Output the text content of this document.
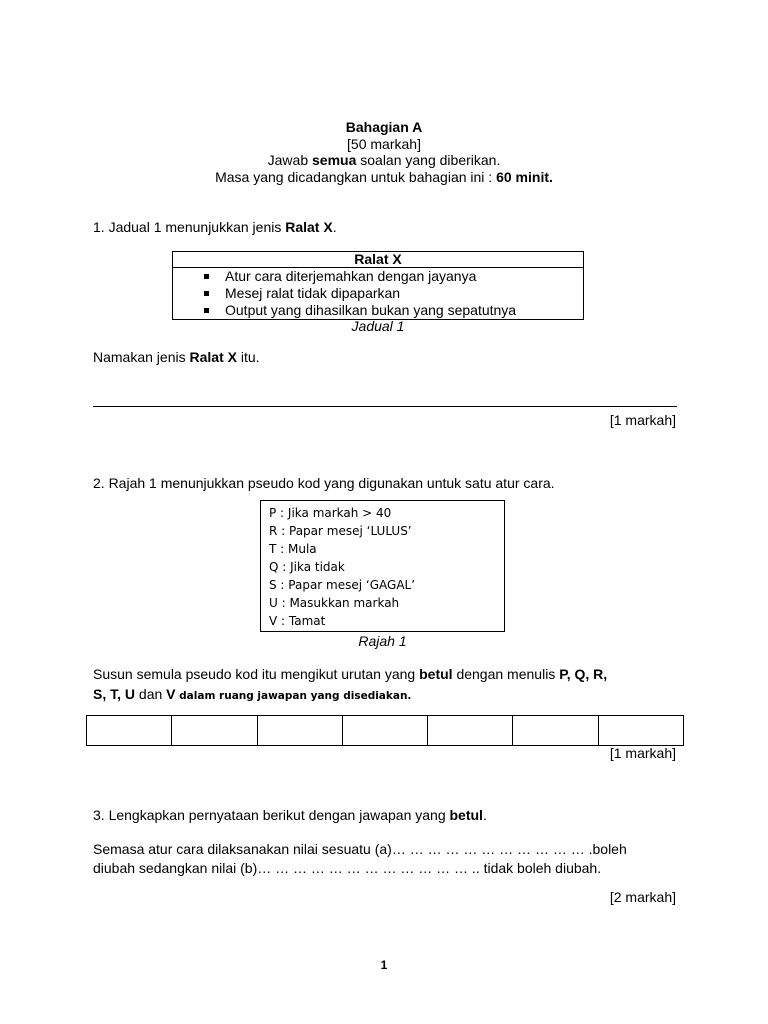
Bahagian A
[50 markah]
Jawab semua soalan yang diberikan.
Masa yang dicadangkan untuk bahagian ini : 60 minit.
1. Jadual 1 menunjukkan jenis Ralat X.
Ralat X
Atur cara diterjemahkan dengan jayanya
Mesej ralat tidak dipaparkan
Output yang dihasilkan bukan yang sepatutnya
Jadual 1
Namakan jenis Ralat X itu.
[1 markah]
2. Rajah 1 menunjukkan pseudo kod yang digunakan untuk satu atur cara.
P : Jika markah > 40
R : Papar mesej ‘LULUS’
T : Mula
Q : Jika tidak
S : Papar mesej ‘GAGAL’
U : Masukkan markah
V : Tamat
Rajah 1
Susun semula pseudo kod itu mengikut urutan yang betul dengan menulis P, Q, R,
S, T, U dan V dalam ruang jawapan yang disediakan.
[1 markah]
3. Lengkapkan pernyataan berikut dengan jawapan yang betul.
Semasa atur cara dilaksanakan nilai sesuatu (a)… … … … … … … … … … … .boleh
diubah sedangkan nilai (b)… … … … … … … … … … … … .. tidak boleh diubah.
[2 markah]
1
